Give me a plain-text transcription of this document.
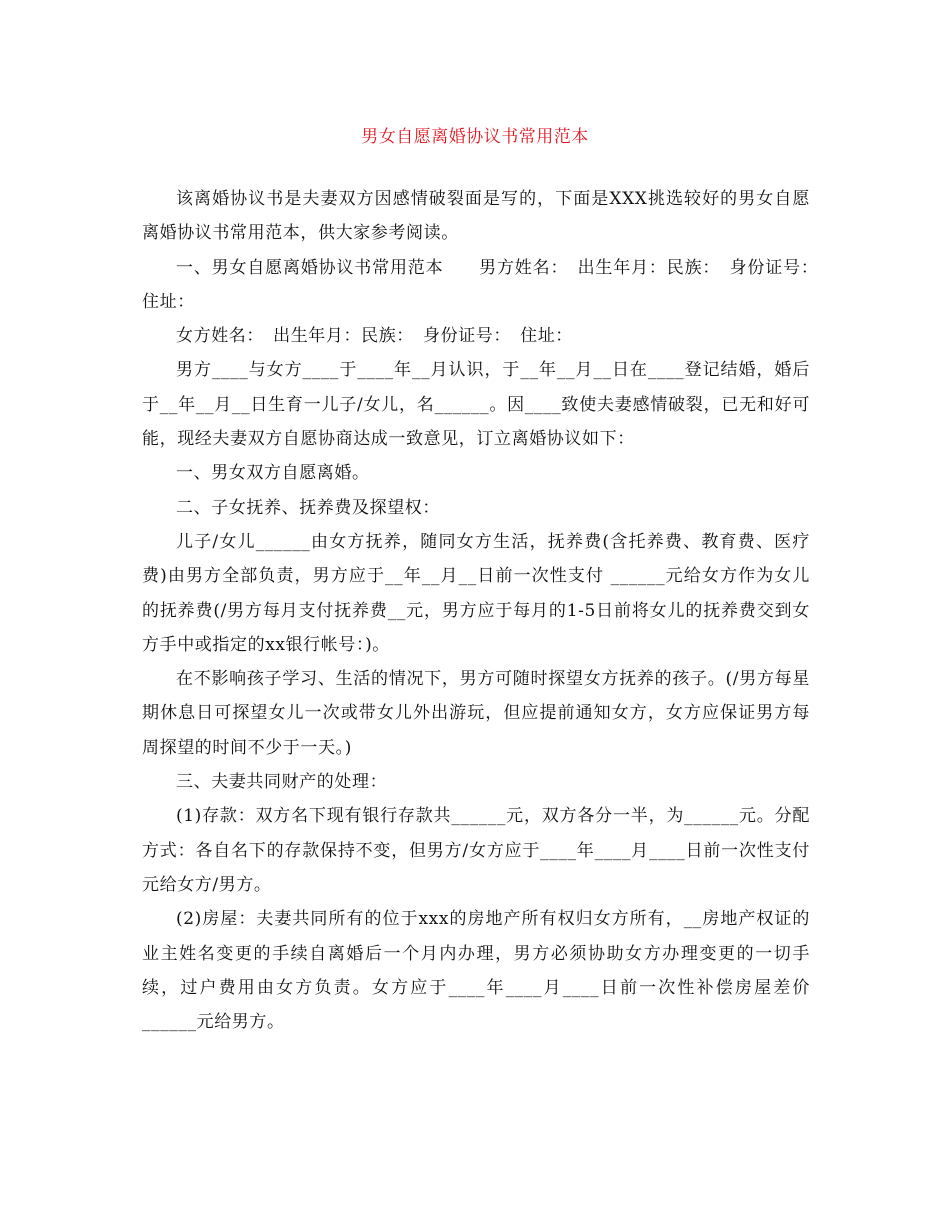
男女自愿离婚协议书常用范本

该离婚协议书是夫妻双方因感情破裂面是写的，下面是XXX挑选较好的男女自愿离婚协议书常用范本，供大家参考阅读。

一、男女自愿离婚协议书常用范本　　男方姓名：　出生年月：民族：　身份证号：　住址：

女方姓名：　出生年月：民族：　身份证号：　住址：

男方____与女方____于____年__月认识，于__年__月__日在____登记结婚，婚后于__年__月__日生育一儿子/女儿，名______。因____致使夫妻感情破裂，已无和好可能，现经夫妻双方自愿协商达成一致意见，订立离婚协议如下：

一、男女双方自愿离婚。

二、子女抚养、抚养费及探望权：

儿子/女儿______由女方抚养，随同女方生活，抚养费(含托养费、教育费、医疗费)由男方全部负责，男方应于__年__月__日前一次性支付 ______元给女方作为女儿的抚养费(/男方每月支付抚养费__元，男方应于每月的1-5日前将女儿的抚养费交到女方手中或指定的xx银行帐号：)。

在不影响孩子学习、生活的情况下，男方可随时探望女方抚养的孩子。(/男方每星期休息日可探望女儿一次或带女儿外出游玩，但应提前通知女方，女方应保证男方每周探望的时间不少于一天。)

三、夫妻共同财产的处理：

(1)存款：双方名下现有银行存款共______元，双方各分一半，为______元。分配方式：各自名下的存款保持不变，但男方/女方应于____年____月____日前一次性支付 元给女方/男方。

(2)房屋：夫妻共同所有的位于xxx的房地产所有权归女方所有，__房地产权证的业主姓名变更的手续自离婚后一个月内办理，男方必须协助女方办理变更的一切手续，过户费用由女方负责。女方应于____年____月____日前一次性补偿房屋差价______元给男方。
